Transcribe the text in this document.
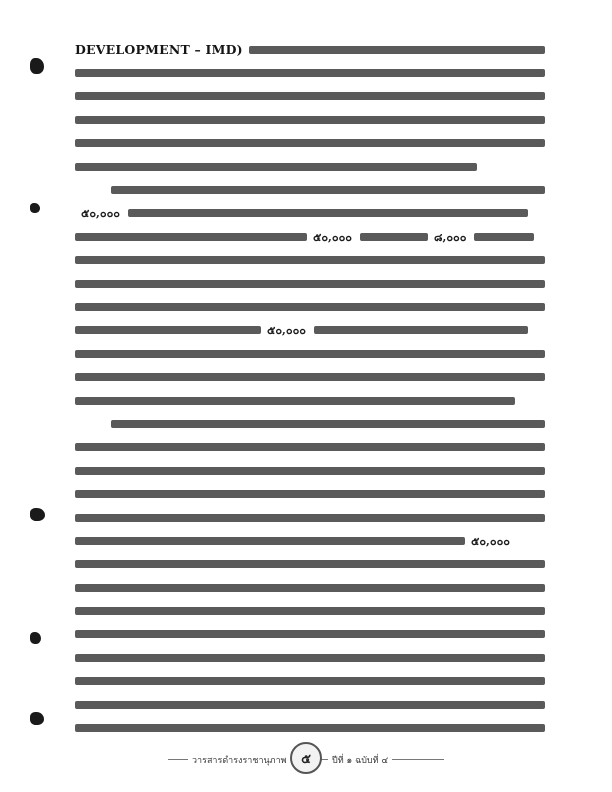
DEVELOPMENT – IMD)
๕๐,๐๐๐
๕๐,๐๐๐	๘,๐๐๐
๕๐,๐๐๐
๕๐,๐๐๐
วารสารดำรงราชานุภาพ	๕	ปีที่ ๑ ฉบับที่ ๔
